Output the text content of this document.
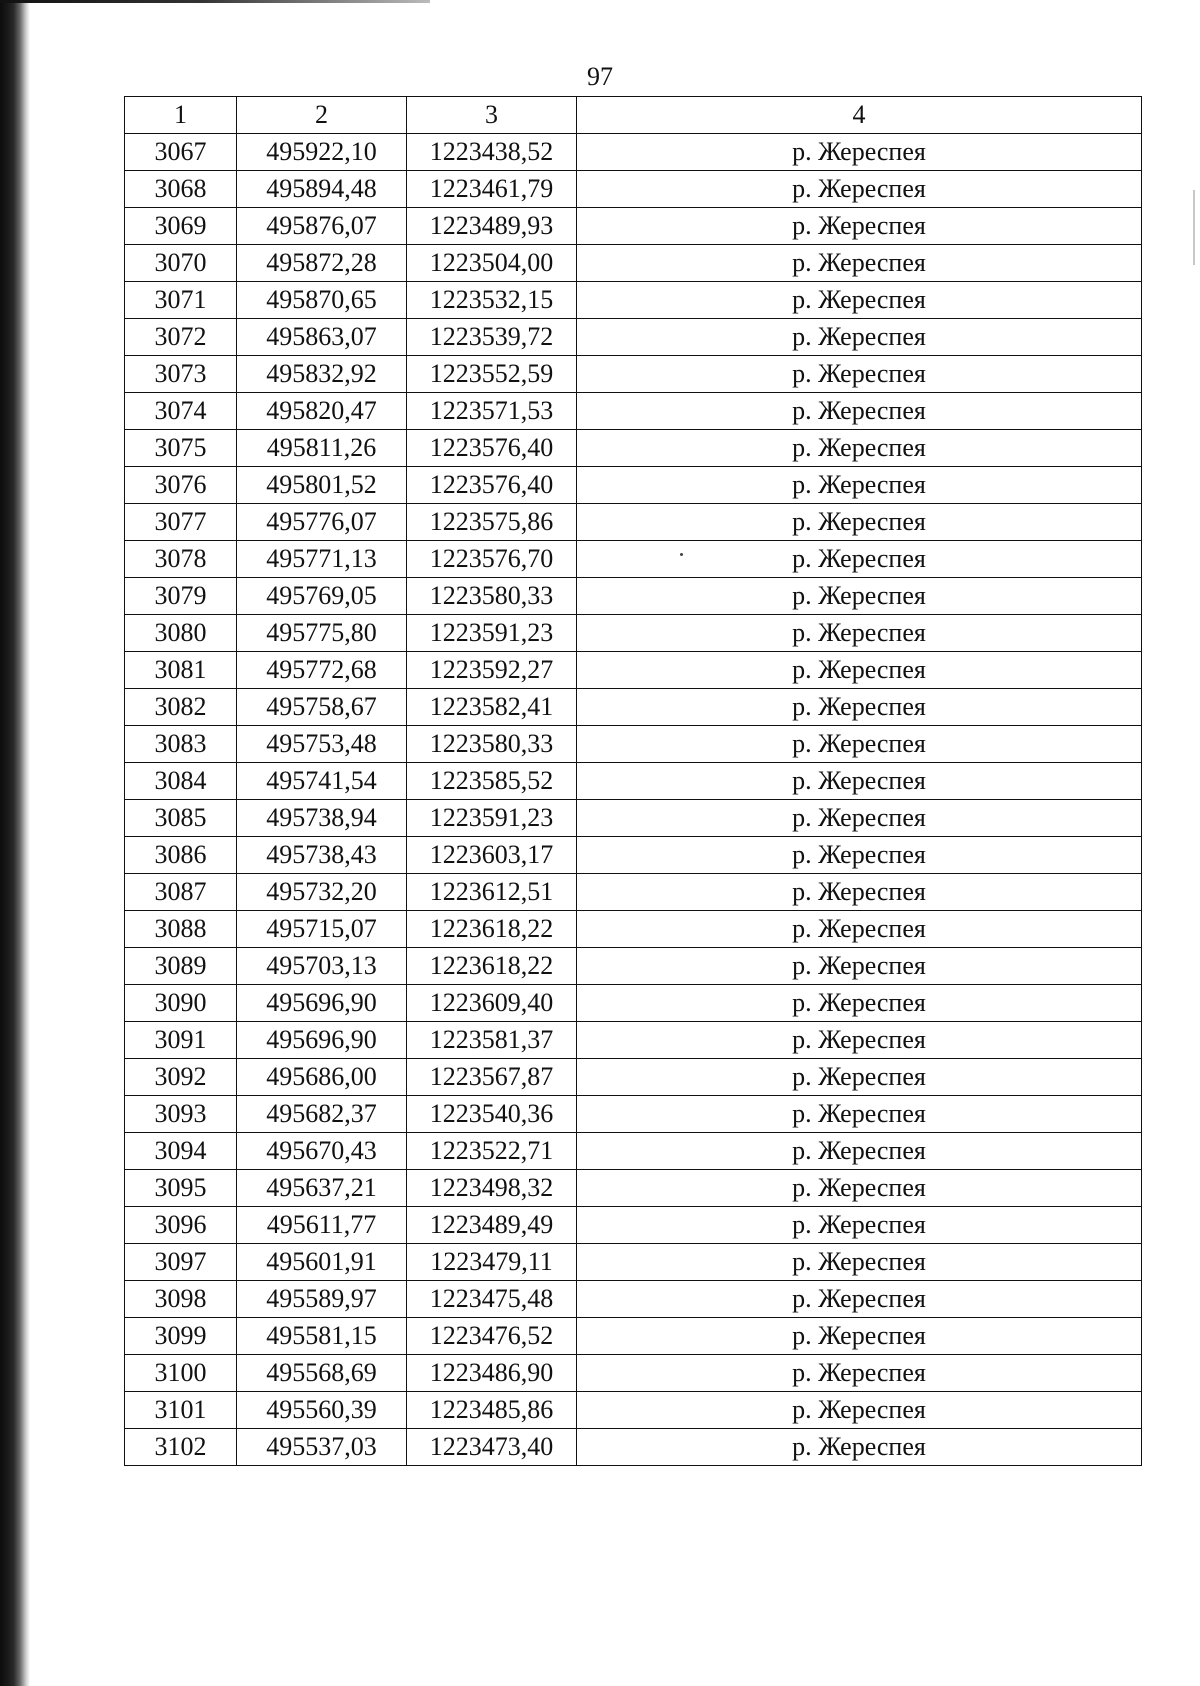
97
1	2	3	4
3067	495922,10	1223438,52	р. Жереспея
3068	495894,48	1223461,79	р. Жереспея
3069	495876,07	1223489,93	р. Жереспея
3070	495872,28	1223504,00	р. Жереспея
3071	495870,65	1223532,15	р. Жереспея
3072	495863,07	1223539,72	р. Жереспея
3073	495832,92	1223552,59	р. Жереспея
3074	495820,47	1223571,53	р. Жереспея
3075	495811,26	1223576,40	р. Жереспея
3076	495801,52	1223576,40	р. Жереспея
3077	495776,07	1223575,86	р. Жереспея
3078	495771,13	1223576,70	р. Жереспея
3079	495769,05	1223580,33	р. Жереспея
3080	495775,80	1223591,23	р. Жереспея
3081	495772,68	1223592,27	р. Жереспея
3082	495758,67	1223582,41	р. Жереспея
3083	495753,48	1223580,33	р. Жереспея
3084	495741,54	1223585,52	р. Жереспея
3085	495738,94	1223591,23	р. Жереспея
3086	495738,43	1223603,17	р. Жереспея
3087	495732,20	1223612,51	р. Жереспея
3088	495715,07	1223618,22	р. Жереспея
3089	495703,13	1223618,22	р. Жереспея
3090	495696,90	1223609,40	р. Жереспея
3091	495696,90	1223581,37	р. Жереспея
3092	495686,00	1223567,87	р. Жереспея
3093	495682,37	1223540,36	р. Жереспея
3094	495670,43	1223522,71	р. Жереспея
3095	495637,21	1223498,32	р. Жереспея
3096	495611,77	1223489,49	р. Жереспея
3097	495601,91	1223479,11	р. Жереспея
3098	495589,97	1223475,48	р. Жереспея
3099	495581,15	1223476,52	р. Жереспея
3100	495568,69	1223486,90	р. Жереспея
3101	495560,39	1223485,86	р. Жереспея
3102	495537,03	1223473,40	р. Жереспея
